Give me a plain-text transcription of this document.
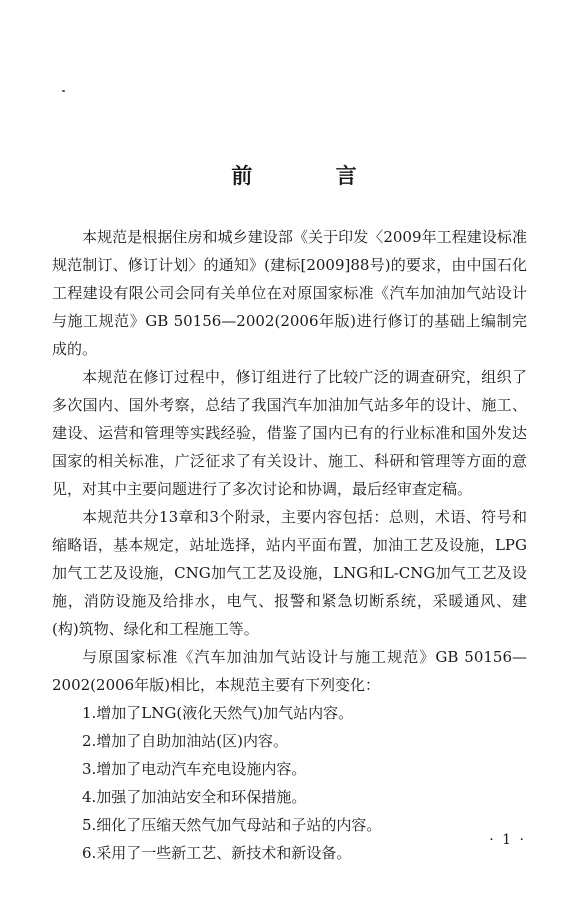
前 言

本规范是根据住房和城乡建设部《关于印发〈2009年工程建设标准规范制订、修订计划〉的通知》(建标[2009]88号)的要求，由中国石化工程建设有限公司会同有关单位在对原国家标准《汽车加油加气站设计与施工规范》GB 50156—2002(2006年版)进行修订的基础上编制完成的。

本规范在修订过程中，修订组进行了比较广泛的调查研究，组织了多次国内、国外考察，总结了我国汽车加油加气站多年的设计、施工、建设、运营和管理等实践经验，借鉴了国内已有的行业标准和国外发达国家的相关标准，广泛征求了有关设计、施工、科研和管理等方面的意见，对其中主要问题进行了多次讨论和协调，最后经审查定稿。

本规范共分13章和3个附录，主要内容包括：总则，术语、符号和缩略语，基本规定，站址选择，站内平面布置，加油工艺及设施，LPG加气工艺及设施，CNG加气工艺及设施，LNG和L-CNG加气工艺及设施，消防设施及给排水，电气、报警和紧急切断系统，采暖通风、建(构)筑物、绿化和工程施工等。

与原国家标准《汽车加油加气站设计与施工规范》GB 50156—2002(2006年版)相比，本规范主要有下列变化：

1.增加了LNG(液化天然气)加气站内容。

2.增加了自助加油站(区)内容。

3.增加了电动汽车充电设施内容。

4.加强了加油站安全和环保措施。

5.细化了压缩天然气加气母站和子站的内容。

6.采用了一些新工艺、新技术和新设备。

· 1 ·
